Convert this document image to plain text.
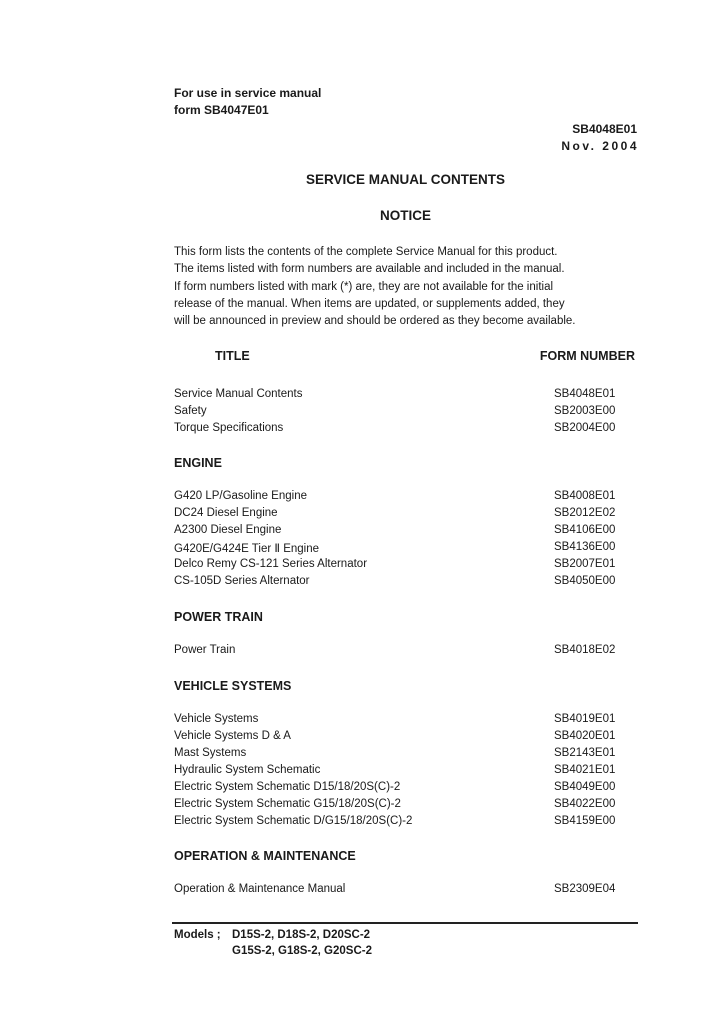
For use in service manual
form SB4047E01
SB4048E01
Nov. 2004
SERVICE MANUAL CONTENTS
NOTICE
This form lists the contents of the complete Service Manual for this product.
The items listed with form numbers are available and included in the manual.
If form numbers listed with mark (*) are, they are not available for the initial
release of the manual. When items are updated, or supplements added, they
will be announced in preview and should be ordered as they become available.
TITLE	FORM NUMBER
Service Manual Contents	SB4048E01
Safety	SB2003E00
Torque Specifications	SB2004E00
ENGINE
G420 LP/Gasoline Engine	SB4008E01
DC24 Diesel Engine	SB2012E02
A2300 Diesel Engine	SB4106E00
G420E/G424E Tier Ⅱ Engine	SB4136E00
Delco Remy CS-121 Series Alternator	SB2007E01
CS-105D Series Alternator	SB4050E00
POWER TRAIN
Power Train	SB4018E02
VEHICLE SYSTEMS
Vehicle Systems	SB4019E01
Vehicle Systems D & A	SB4020E01
Mast Systems	SB2143E01
Hydraulic System Schematic	SB4021E01
Electric System Schematic D15/18/20S(C)-2	SB4049E00
Electric System Schematic G15/18/20S(C)-2	SB4022E00
Electric System Schematic D/G15/18/20S(C)-2	SB4159E00
OPERATION & MAINTENANCE
Operation & Maintenance Manual	SB2309E04
Models ; D15S-2, D18S-2, D20SC-2
G15S-2, G18S-2, G20SC-2
